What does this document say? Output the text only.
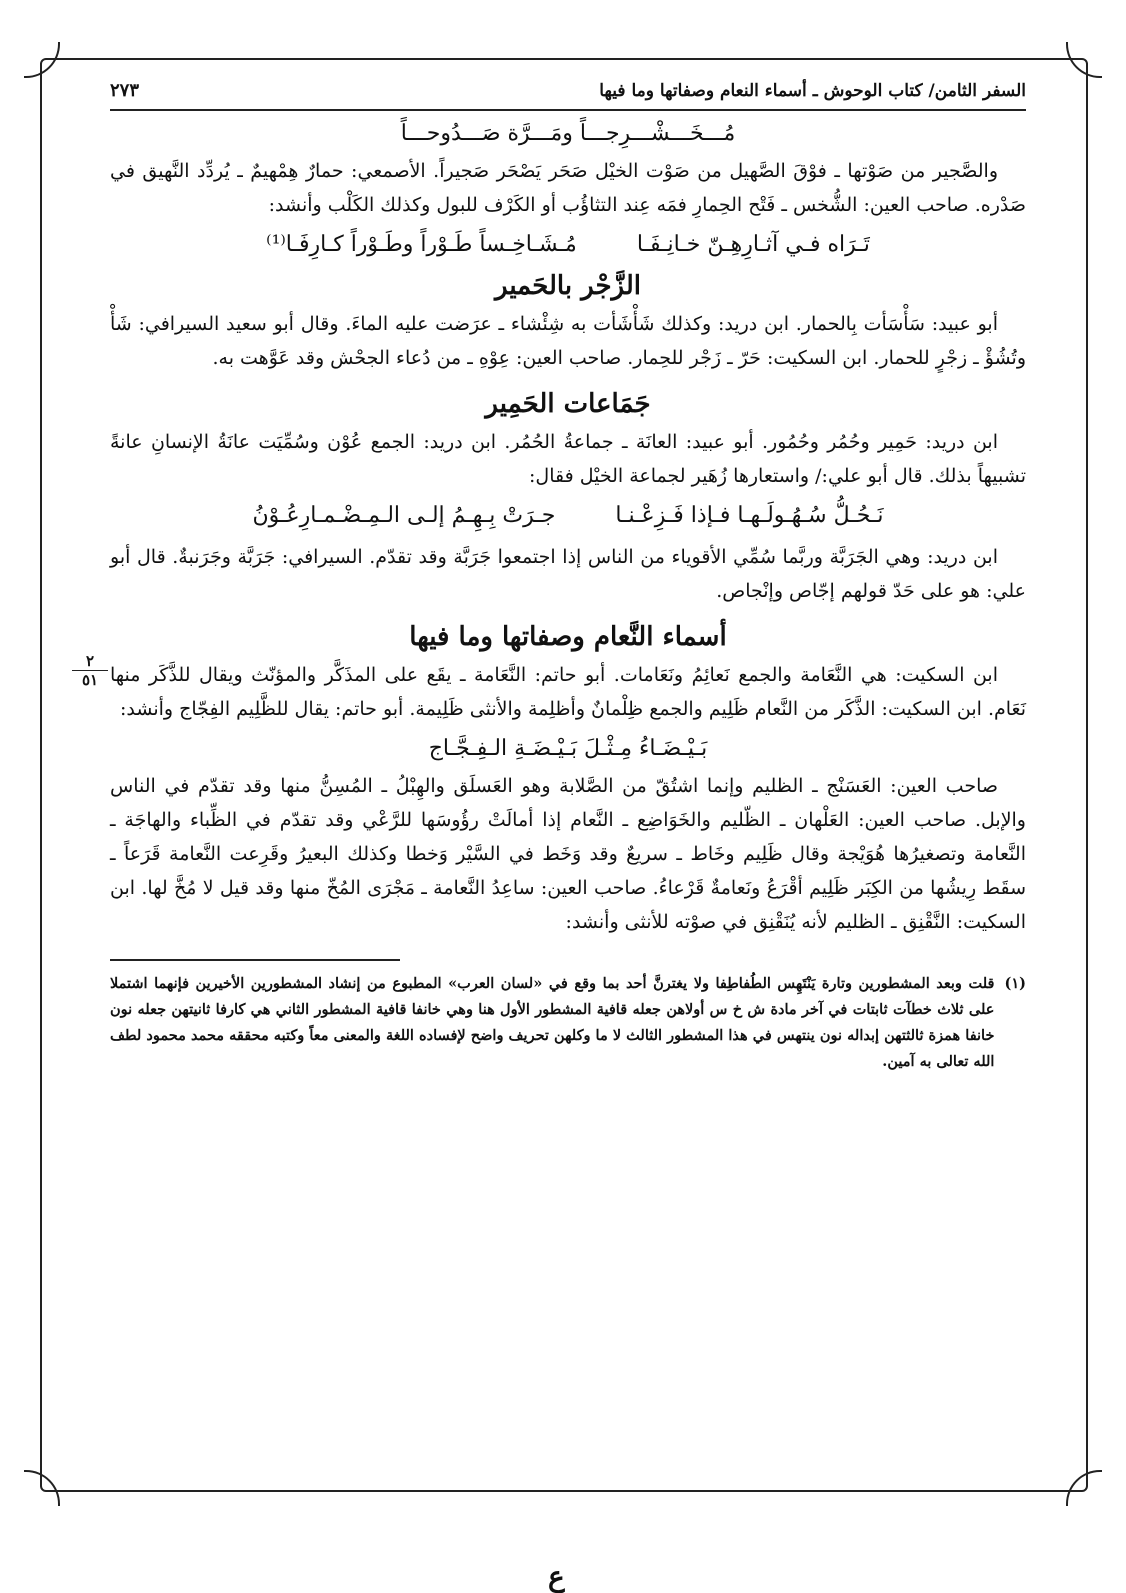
٢
٥١
السفر الثامن/ كتاب الوحوش ـ أسماء النعام وصفاتها وما فيها
٢٧٣
مُـــخَـــشْـــرِجـــاً ومَـــرَّة صَـــدُوحـــاً

والصَّجير من صَوْتها ـ فوْقَ الصَّهيل من صَوْت الخيْل صَحَر يَصْحَر صَجيراً. الأصمعي: حمارٌ هِمْهيمٌ ـ يُردِّد النَّهيق في صَدْره. صاحب العين: الشُّخس ـ فَتْح الحِمارِ فمَه عِند التثاؤُب أو الكَرْف للبول وكذلك الكَلْب وأنشد:

تَـرَاه فـي آثـارِهِـنّ خـانِـفَـا
مُـشَـاخِـساً طَـوْراً وطَـوْراً كـارِفَـا⁽¹⁾
الزَّجْر بالحَمير

أبو عبيد: سَأْسَأت بِالحمار. ابن دريد: وكذلك شَأْشَأت به شِئْشاء ـ عرَضت عليه الماءَ. وقال أبو سعيد السيرافي: شَأْ وتُشُؤْ ـ زجْرٍ للحمار. ابن السكيت: حَرّ ـ زَجْر للحِمار. صاحب العين: عِوْهِ ـ من دُعاء الجحْش وقد عَوَّهت به.

جَمَاعات الحَمِير

ابن دريد: حَمِير وحُمُر وحُمُور. أبو عبيد: العانَة ـ جماعةُ الحُمُر. ابن دريد: الجمع عُوْن وسُمِّيَت عانَةُ الإنسانِ عانةً تشبيهاً بذلك. قال أبو علي:/ واستعارها زُهَير لجماعة الخيْل فقال:

نَـحُـلُّ سُـهُـولَـهـا فـإذا فَـزِعْـنـا
جـرَتْ بِـهِـمُ إلـى الـمِـضْـمـارِعُـوْنُ

ابن دريد: وهي الجَرَبَّة وربَّما سُمِّي الأقوياء من الناس إذا اجتمعوا جَرَبَّة وقد تقدّم. السيرافي: جَرَبَّة وجَرَنبةٌ. قال أبو علي: هو على حَدّ قولهم إجّاص وإنْجاص.

أسماء النَّعام وصفاتها وما فيها

ابن السكيت: هي النَّعَامة والجمع نَعائِمُ ونَعَامات. أبو حاتم: النَّعَامة ـ يقَع على المذَكَّر والمؤنّث ويقال للذَّكَر منها نَعَام. ابن السكيت: الذَّكَر من النَّعام ظَلِيم والجمع ظِلْمانٌ وأظلِمة والأنثى ظَلِيمة. أبو حاتم: يقال للظَّلِيم الفِجّاج وأنشد:

بَـيْـضَـاءُ مِـثْـلَ بَـيْـضَـةِ الـفِـجَّـاج

صاحب العين: العَسَنْج ـ الظليم وإنما اشتُقّ من الصَّلابة وهو العَسلَق والهِبْلُ ـ المُسِنُّ منها وقد تقدّم في الناس والإبل. صاحب العين: العَلْهان ـ الظّليم والخَوَاضِع ـ النَّعام إذا أمالَتْ رؤُوسَها للرَّعْي وقد تقدّم في الظِّباء والهاجَة ـ النَّعامة وتصغيرُها هُوَيْجة وقال ظَلِيم وخَاط ـ سريعٌ وقد وَخَط في السَّيْر وَخطا وكذلك البعيرُ وقَرِعت النَّعامة قَرَعاً ـ سقَط رِيشُها من الكِبَر ظَلِيم أقْرَعُ ونَعامةٌ قَرْعاءُ. صاحب العين: ساعِدُ النَّعامة ـ مَجْرَى المُخّ منها وقد قيل لا مُخَّ لها. ابن السكيت: النَّقْنِق ـ الظليم لأنه يُنَقْنِق في صوْته للأنثى وأنشد:

(١)
قلت وبعد المشطورين وتارة يَنْتَهِس الطُفاطِفا ولا يغترنَّ أحد بما وقع في «لسان العرب» المطبوع من إنشاد المشطورين الأخيرين فإنهما اشتملا على ثلاث خطآت ثابتات في آخر مادة ش خ س أولاهن جعله قافية المشطور الأول هنا وهي خانفا قافية المشطور الثاني هي كارفا ثانيتهن جعله نون خانفا همزة ثالثتهن إبداله نون ينتهس في هذا المشطور الثالث لا ما وكلهن تحريف واضح لإفساده اللغة والمعنى معاً وكتبه محققه محمد محمود لطف الله تعالى به آمين.
ع
